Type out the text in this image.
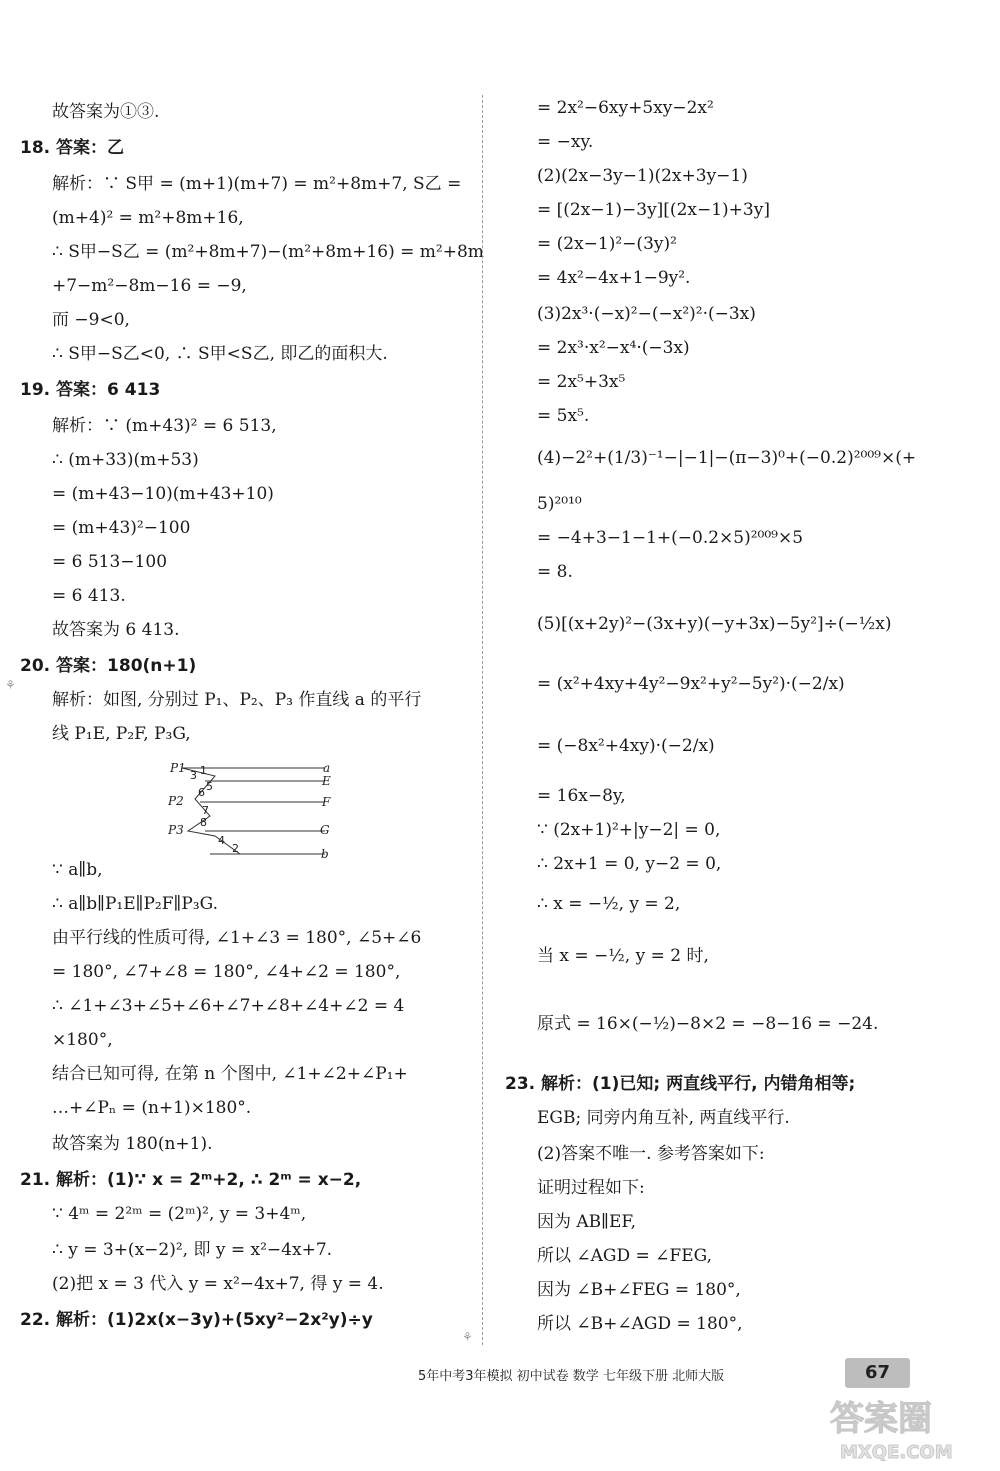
故答案为①③.
18. 答案：乙
解析：∵ S甲 = (m+1)(m+7) = m²+8m+7, S乙 =
(m+4)² = m²+8m+16,
∴ S甲−S乙 = (m²+8m+7)−(m²+8m+16) = m²+8m
+7−m²−8m−16 = −9,
而 −9<0,
∴ S甲−S乙<0, ∴ S甲<S乙, 即乙的面积大.
19. 答案：6 413
解析：∵ (m+43)² = 6 513,
∴ (m+33)(m+53)
= (m+43−10)(m+43+10)
= (m+43)²−100
= 6 513−100
= 6 413.
故答案为 6 413.
20. 答案：180(n+1)
解析：如图, 分别过 P₁、P₂、P₃ 作直线 a 的平行
线 P₁E, P₂F, P₃G,
∵ a∥b,
∴ a∥b∥P₁E∥P₂F∥P₃G.
由平行线的性质可得, ∠1+∠3 = 180°, ∠5+∠6
= 180°, ∠7+∠8 = 180°, ∠4+∠2 = 180°,
∴ ∠1+∠3+∠5+∠6+∠7+∠8+∠4+∠2 = 4
×180°,
结合已知可得, 在第 n 个图中, ∠1+∠2+∠P₁+
…+∠Pₙ = (n+1)×180°.
故答案为 180(n+1).
21. 解析：(1)∵ x = 2ᵐ+2, ∴ 2ᵐ = x−2,
∵ 4ᵐ = 2²ᵐ = (2ᵐ)², y = 3+4ᵐ,
∴ y = 3+(x−2)², 即 y = x²−4x+7.
(2)把 x = 3 代入 y = x²−4x+7, 得 y = 4.
22. 解析：(1)2x(x−3y)+(5xy²−2x²y)÷y
= 2x²−6xy+5xy−2x²
= −xy.
(2)(2x−3y−1)(2x+3y−1)
= [(2x−1)−3y][(2x−1)+3y]
= (2x−1)²−(3y)²
= 4x²−4x+1−9y².
(3)2x³·(−x)²−(−x²)²·(−3x)
= 2x³·x²−x⁴·(−3x)
= 2x⁵+3x⁵
= 5x⁵.
(4)−2²+(1/3)⁻¹−|−1|−(π−3)⁰+(−0.2)²⁰⁰⁹×(+
5)²⁰¹⁰
= −4+3−1−1+(−0.2×5)²⁰⁰⁹×5
= 8.
(5)[(x+2y)²−(3x+y)(−y+3x)−5y²]÷(−½x)
= (x²+4xy+4y²−9x²+y²−5y²)·(−2/x)
= (−8x²+4xy)·(−2/x)
= 16x−8y,
∵ (2x+1)²+|y−2| = 0,
∴ 2x+1 = 0, y−2 = 0,
∴ x = −½, y = 2,
当 x = −½, y = 2 时,
原式 = 16×(−½)−8×2 = −8−16 = −24.
23. 解析：(1)已知; 两直线平行, 内错角相等;
EGB; 同旁内角互补, 两直线平行.
(2)答案不唯一. 参考答案如下:
证明过程如下:
因为 AB∥EF,
所以 ∠AGD = ∠FEG,
因为 ∠B+∠FEG = 180°,
所以 ∠B+∠AGD = 180°,
P1
P2
P3
a
E
F
G
b
1
2
3
4
5
6
7
8
⚘
⚘
5年中考3年模拟 初中试卷 数学 七年级下册 北师大版	67
答案圈
MXQE.COM
